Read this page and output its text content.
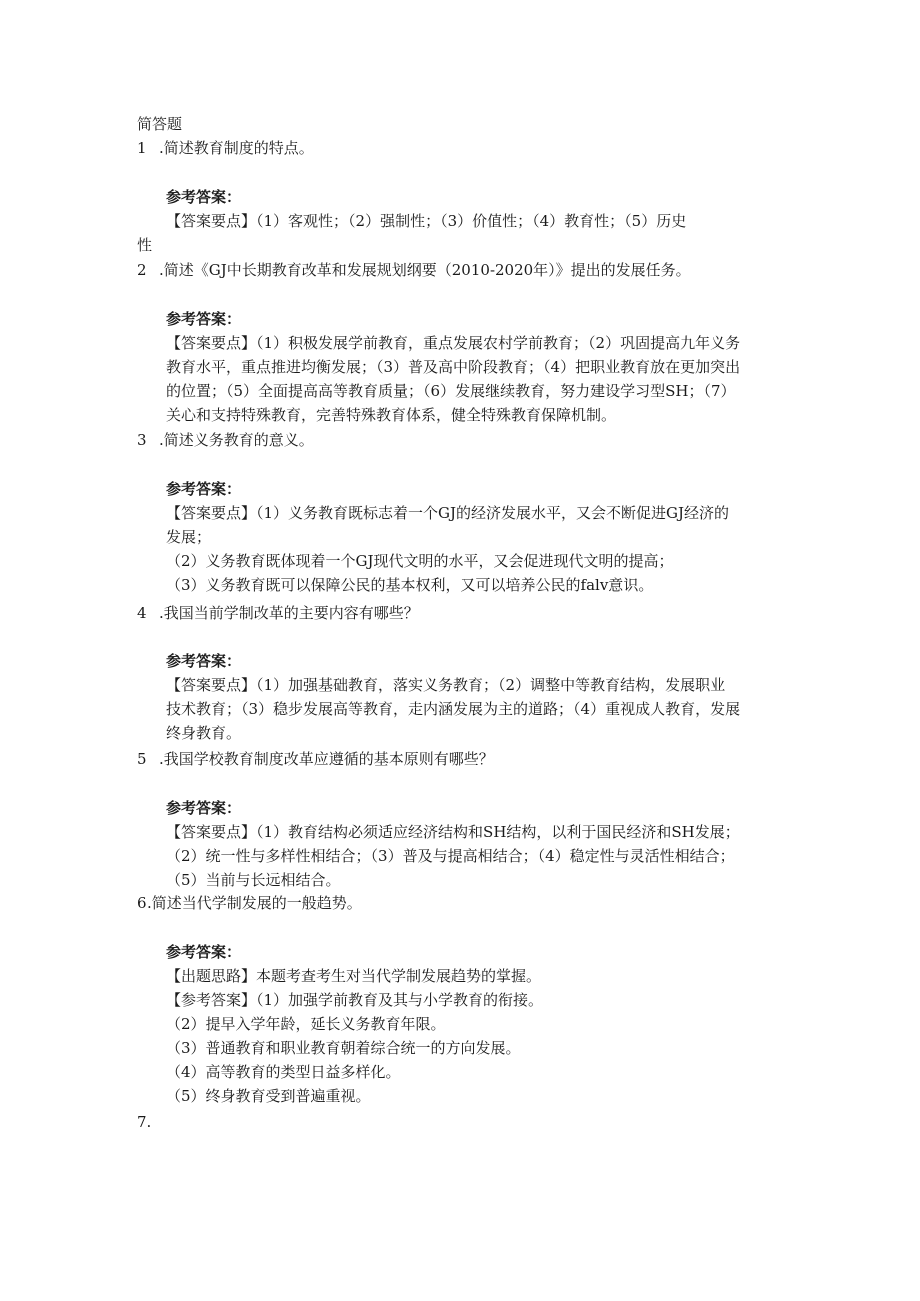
简答题
1 .简述教育制度的特点。
参考答案：
【答案要点】（1）客观性；（2）强制性；（3）价值性；（4）教育性；（5）历史
性
2 .简述《GJ中长期教育改革和发展规划纲要（2010-2020年）》提出的发展任务。
参考答案：
【答案要点】（1）积极发展学前教育，重点发展农村学前教育；（2）巩固提高九年义务
教育水平，重点推进均衡发展；（3）普及高中阶段教育；（4）把职业教育放在更加突出
的位置；（5）全面提高高等教育质量；（6）发展继续教育，努力建设学习型SH；（7）
关心和支持特殊教育，完善特殊教育体系，健全特殊教育保障机制。
3 .简述义务教育的意义。
参考答案：
【答案要点】（1）义务教育既标志着一个GJ的经济发展水平，又会不断促进GJ经济的
发展；
（2）义务教育既体现着一个GJ现代文明的水平，又会促进现代文明的提高；
（3）义务教育既可以保障公民的基本权利，又可以培养公民的falv意识。
4 .我国当前学制改革的主要内容有哪些？
参考答案：
【答案要点】（1）加强基础教育，落实义务教育；（2）调整中等教育结构，发展职业
技术教育；（3）稳步发展高等教育，走内涵发展为主的道路；（4）重视成人教育，发展
终身教育。
5 .我国学校教育制度改革应遵循的基本原则有哪些？
参考答案：
【答案要点】（1）教育结构必须适应经济结构和SH结构，以利于国民经济和SH发展；
（2）统一性与多样性相结合；（3）普及与提高相结合；（4）稳定性与灵活性相结合；
（5）当前与长远相结合。
6 .简述当代学制发展的一般趋势。
参考答案：
【出题思路】本题考查考生对当代学制发展趋势的掌握。
【参考答案】（1）加强学前教育及其与小学教育的衔接。
（2）提早入学年龄，延长义务教育年限。
（3）普通教育和职业教育朝着综合统一的方向发展。
（4）高等教育的类型日益多样化。
（5）终身教育受到普遍重视。
7.
